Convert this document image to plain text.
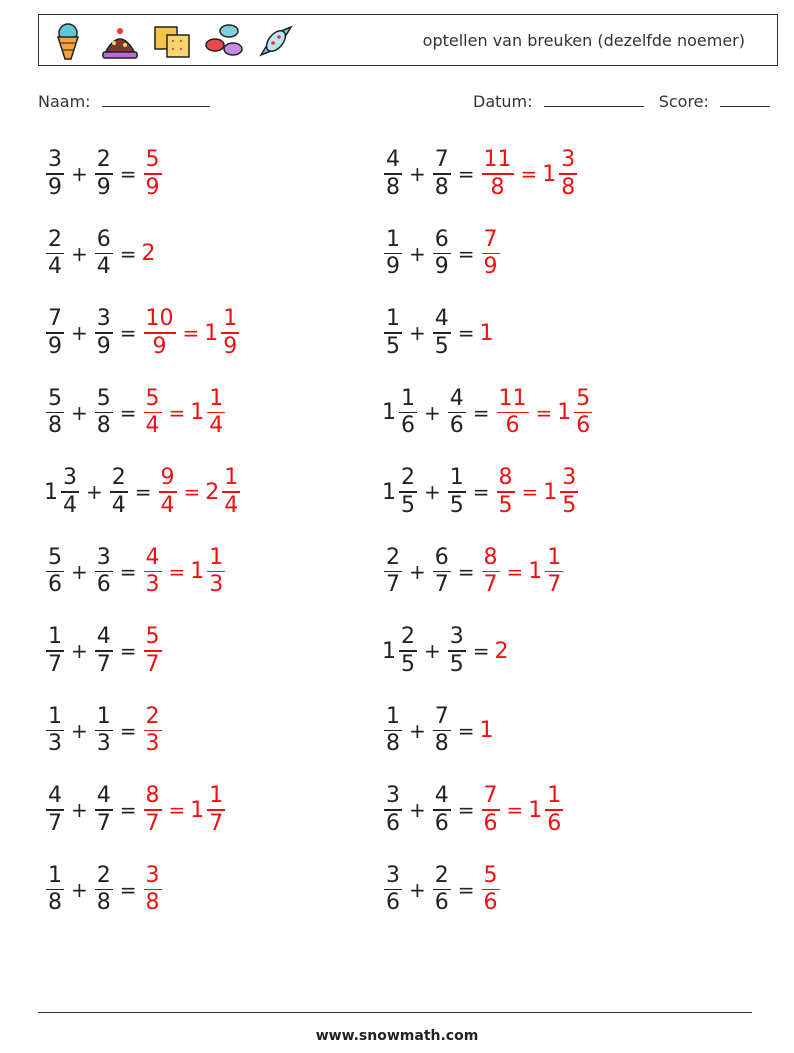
optellen van breuken (dezelfde noemer)
Naam:	Datum:	Score:
$\frac{3}{9} + \frac{2}{9} = \frac{5}{9}$	$\frac{4}{8} + \frac{7}{8} = \frac{11}{8} = 1 \frac{3}{8}$
$\frac{2}{4} + \frac{6}{4} = 2$	$\frac{1}{9} + \frac{6}{9} = \frac{7}{9}$
$\frac{7}{9} + \frac{3}{9} = \frac{10}{9} = 1 \frac{1}{9}$	$\frac{1}{5} + \frac{4}{5} = 1$
$\frac{5}{8} + \frac{5}{8} = \frac{5}{4} = 1 \frac{1}{4}$	$1 \frac{1}{6} + \frac{4}{6} = \frac{11}{6} = 1 \frac{5}{6}$
$1 \frac{3}{4} + \frac{2}{4} = \frac{9}{4} = 2 \frac{1}{4}$	$1 \frac{2}{5} + \frac{1}{5} = \frac{8}{5} = 1 \frac{3}{5}$
$\frac{5}{6} + \frac{3}{6} = \frac{4}{3} = 1 \frac{1}{3}$	$\frac{2}{7} + \frac{6}{7} = \frac{8}{7} = 1 \frac{1}{7}$
$\frac{1}{7} + \frac{4}{7} = \frac{5}{7}$	$1 \frac{2}{5} + \frac{3}{5} = 2$
$\frac{1}{3} + \frac{1}{3} = \frac{2}{3}$	$\frac{1}{8} + \frac{7}{8} = 1$
$\frac{4}{7} + \frac{4}{7} = \frac{8}{7} = 1 \frac{1}{7}$	$\frac{3}{6} + \frac{4}{6} = \frac{7}{6} = 1 \frac{1}{6}$
$\frac{1}{8} + \frac{2}{8} = \frac{3}{8}$	$\frac{3}{6} + \frac{2}{6} = \frac{5}{6}$
www.snowmath.com
